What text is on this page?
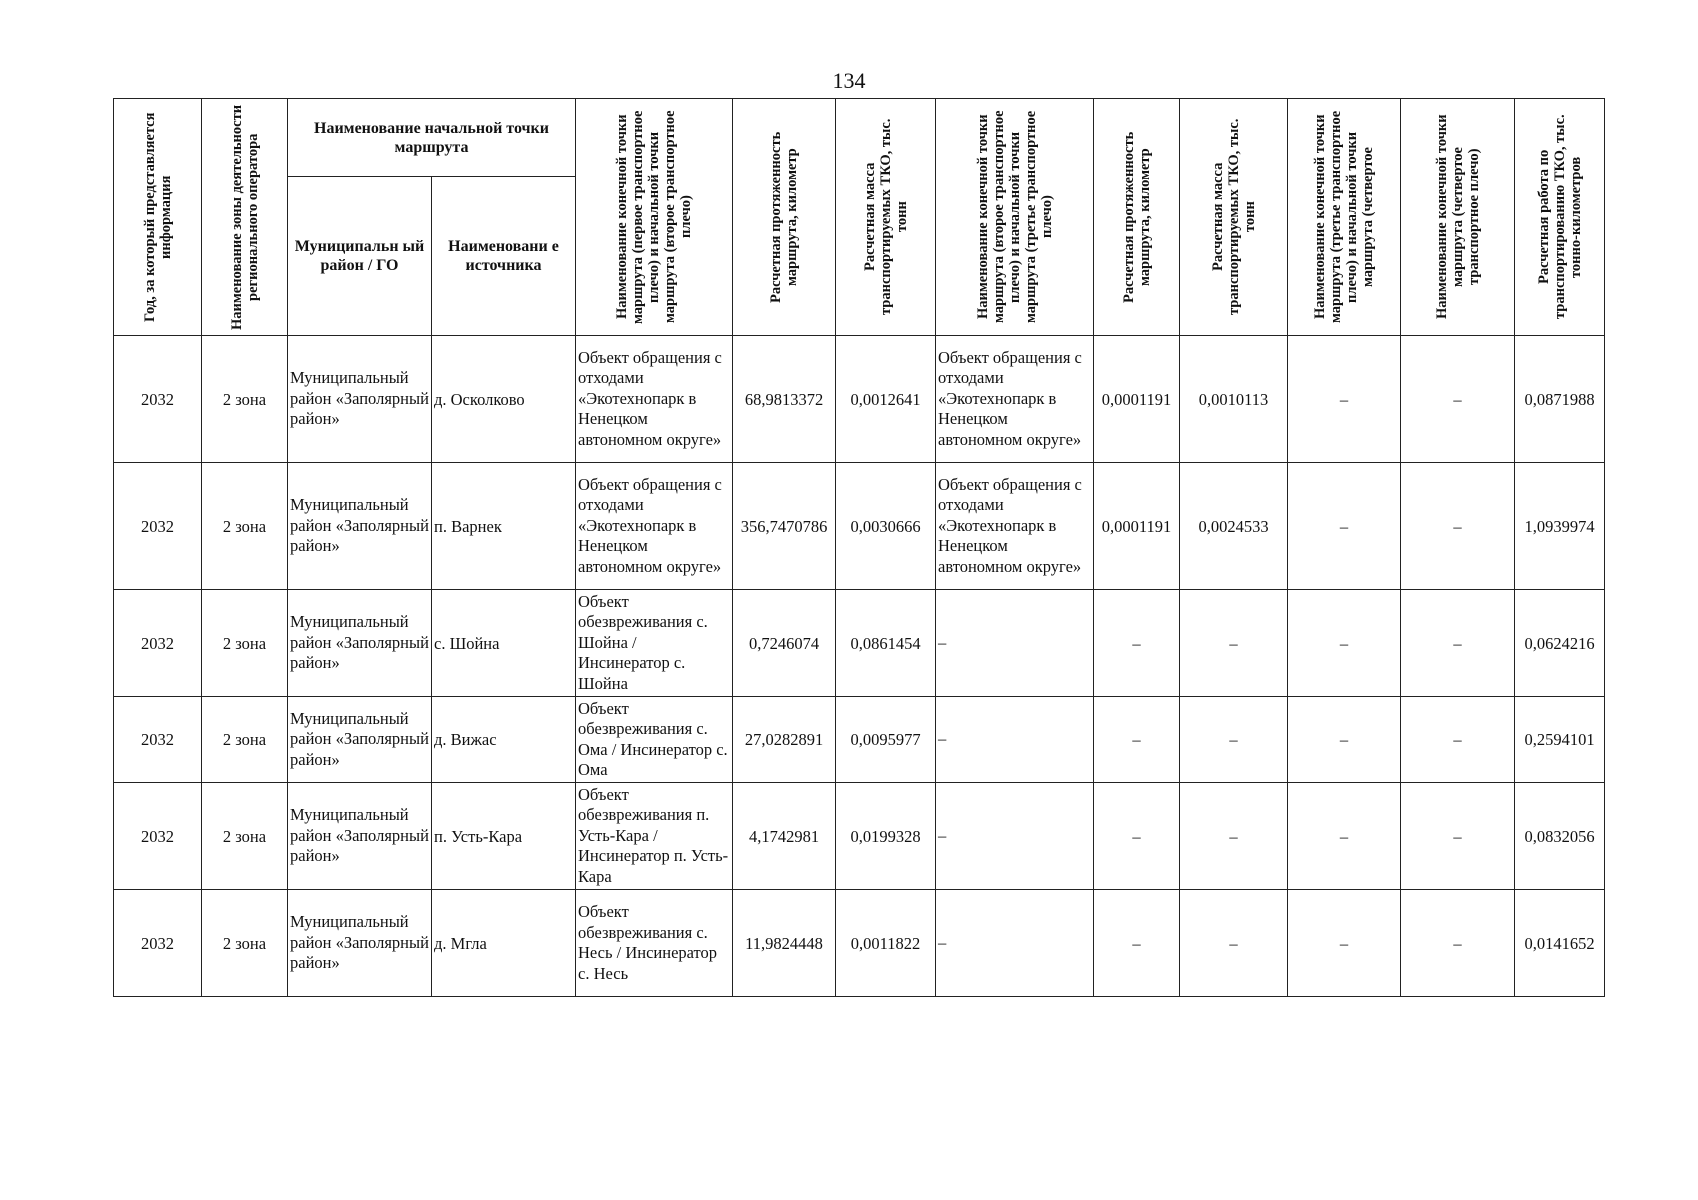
134
Год, за который представляется информация	Наименование зоны деятельности регионального оператора	Наименование начальной точки маршрута		Наименование конечной точки маршрута (первое транспортное плечо) и начальной точки маршрута (второе транспортное плечо)	Расчетная протяженность маршрута, километр	Расчетная масса транспортируемых ТКО, тыс. тонн	Наименование конечной точки маршрута (второе транспортное плечо) и начальной точки маршрута (третье транспортное плечо)	Расчетная протяженность маршрута, километр	Расчетная масса транспортируемых ТКО, тыс. тонн	Наименование конечной точки маршрута (третье транспортное плечо) и начальной точки маршрута (четвертое	Наименование конечной точки маршрута (четвертое транспортное плечо)	Расчетная работа по транспортированию ТКО, тыс. тонно-километров

		Муниципальн ый район / ГО	Наименовани е источника									
2032	2 зона	Муниципальный район «Заполярный район»	д. Осколково	Объект обращения с отходами «Экотехнопарк в Ненецком автономном округе»	68,9813372	0,0012641	Объект обращения с отходами «Экотехнопарк в Ненецком автономном округе»	0,0001191	0,0010113	–	–	0,0871988
2032	2 зона	Муниципальный район «Заполярный район»	п. Варнек	Объект обращения с отходами «Экотехнопарк в Ненецком автономном округе»	356,7470786	0,0030666	Объект обращения с отходами «Экотехнопарк в Ненецком автономном округе»	0,0001191	0,0024533	–	–	1,0939974
2032	2 зона	Муниципальный район «Заполярный район»	с. Шойна	Объект обезвреживания с. Шойна / Инсинератор с. Шойна	0,7246074	0,0861454	–	–	–	–	–	0,0624216
2032	2 зона	Муниципальный район «Заполярный район»	д. Вижас	Объект обезвреживания с. Ома / Инсинератор с. Ома	27,0282891	0,0095977	–	–	–	–	–	0,2594101
2032	2 зона	Муниципальный район «Заполярный район»	п. Усть-Кара	Объект обезвреживания п. Усть-Кара / Инсинератор п. Усть-Кара	4,1742981	0,0199328	–	–	–	–	–	0,0832056
2032	2 зона	Муниципальный район «Заполярный район»	д. Мгла	Объект обезвреживания с. Несь / Инсинератор с. Несь	11,9824448	0,0011822	–	–	–	–	–	0,0141652
